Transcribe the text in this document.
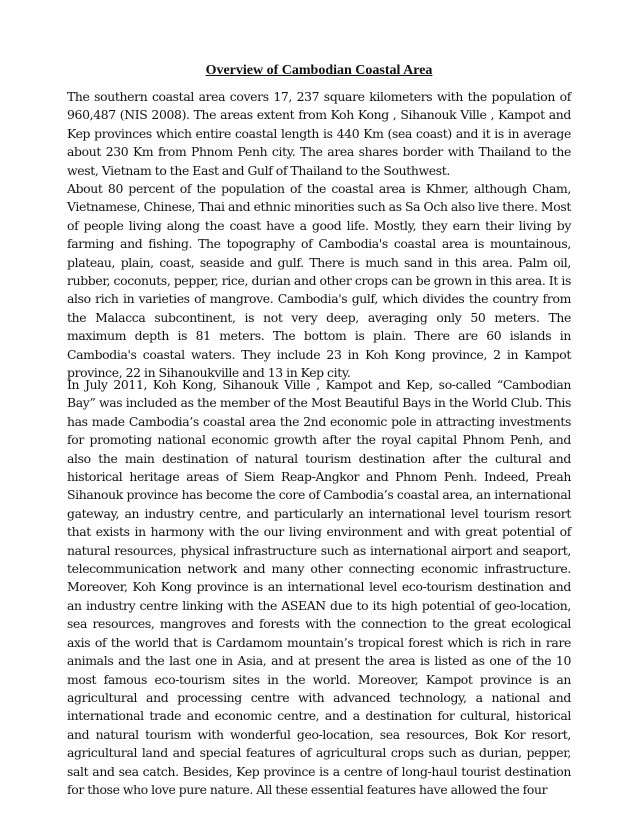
Overview of Cambodian Coastal Area

The southern coastal area covers 17, 237 square kilometers with the population of 960,487 (NIS 2008). The areas extent from Koh Kong , Sihanouk Ville , Kampot and Kep provinces which entire coastal length is 440 Km (sea coast) and it is in average about 230 Km from Phnom Penh city. The area shares border with Thailand to the west, Vietnam to the East and Gulf of Thailand to the Southwest.

About 80 percent of the population of the coastal area is Khmer, although Cham, Vietnamese, Chinese, Thai and ethnic minorities such as Sa Och also live there. Most of people living along the coast have a good life. Mostly, they earn their living by farming and fishing. The topography of Cambodia's coastal area is mountainous, plateau, plain, coast, seaside and gulf. There is much sand in this area. Palm oil, rubber, coconuts, pepper, rice, durian and other crops can be grown in this area. It is also rich in varieties of mangrove. Cambodia's gulf, which divides the country from the Malacca subcontinent, is not very deep, averaging only 50 meters. The maximum depth is 81 meters. The bottom is plain. There are 60 islands in Cambodia's coastal waters. They include 23 in Koh Kong province, 2 in Kampot province, 22 in Sihanoukville and 13 in Kep city.

In July 2011, Koh Kong, Sihanouk Ville , Kampot and Kep, so-called “Cambodian Bay” was included as the member of the Most Beautiful Bays in the World Club. This has made Cambodia’s coastal area the 2nd economic pole in attracting investments for promoting national economic growth after the royal capital Phnom Penh, and also the main destination of natural tourism destination after the cultural and historical heritage areas of Siem Reap-Angkor and Phnom Penh. Indeed, Preah Sihanouk province has become the core of Cambodia’s coastal area, an international gateway, an industry centre, and particularly an international level tourism resort that exists in harmony with the our living environment and with great potential of natural resources, physical infrastructure such as international airport and seaport, telecommunication network and many other connecting economic infrastructure. Moreover, Koh Kong province is an international level eco-tourism destination and an industry centre linking with the ASEAN due to its high potential of geo-location, sea resources, mangroves and forests with the connection to the great ecological axis of the world that is Cardamom mountain’s tropical forest which is rich in rare animals and the last one in Asia, and at present the area is listed as one of the 10 most famous eco-tourism sites in the world. Moreover, Kampot province is an agricultural and processing centre with advanced technology, a national and international trade and economic centre, and a destination for cultural, historical and natural tourism with wonderful geo-location, sea resources, Bok Kor resort, agricultural land and special features of agricultural crops such as durian, pepper, salt and sea catch. Besides, Kep province is a centre of long-haul tourist destination for those who love pure nature. All these essential features have allowed the four
